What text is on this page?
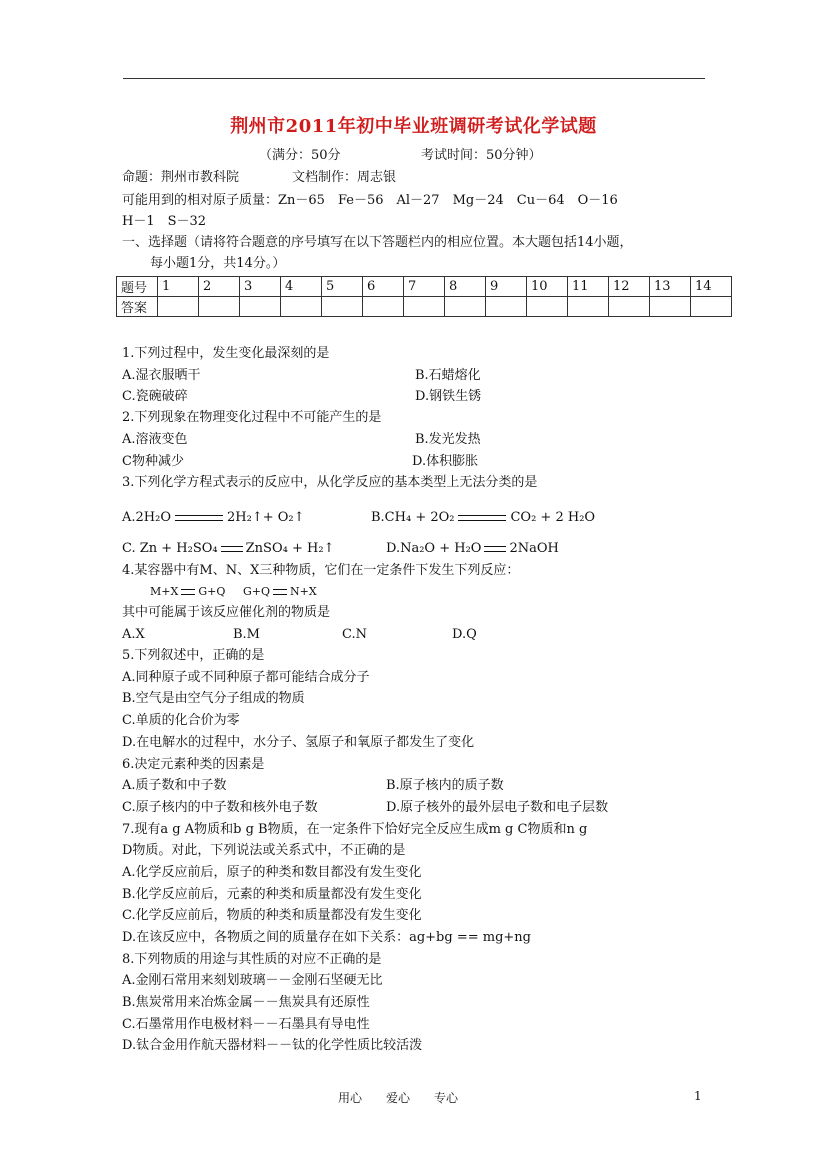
荆州市2011年初中毕业班调研考试化学试题
（满分：50分	考试时间：50分钟）
命题：荆州市教科院	文档制作：周志银
可能用到的相对原子质量：Zn－65　Fe－56　Al－27　Mg－24　Cu－64　O－16
H－1　S－32
一、选择题（请将符合题意的序号填写在以下答题栏内的相应位置。本大题包括14小题，
每小题1分，共14分。）
题号	1	2	3	4	5	6	7	8	9	10	11	12	13	14
答案														
1.下列过程中，发生变化最深刻的是
A.湿衣服晒干	B.石蜡熔化
C.瓷碗破碎	D.钢铁生锈
2.下列现象在物理变化过程中不可能产生的是
A.溶液变色	B.发光发热
C物种减少	D.体积膨胀
3.下列化学方程式表示的反应中，从化学反应的基本类型上无法分类的是
A.2H₂O	2H₂↑+ O₂↑	B.CH₄ + 2O₂	CO₂ + 2 H₂O
C. Zn + H₂SO₄ ZnSO₄ + H₂↑	D.Na₂O + H₂O 2NaOH
4.某容器中有M、N、X三种物质，它们在一定条件下发生下列反应：
M+X G+Q G+Q N+X
其中可能属于该反应催化剂的物质是
A.X	B.M	C.N	D.Q
5.下列叙述中，正确的是
A.同种原子或不同种原子都可能结合成分子
B.空气是由空气分子组成的物质
C.单质的化合价为零
D.在电解水的过程中，水分子、氢原子和氧原子都发生了变化
6.决定元素种类的因素是
A.质子数和中子数	B.原子核内的质子数
C.原子核内的中子数和核外电子数	D.原子核外的最外层电子数和电子层数
7.现有a g A物质和b g B物质，在一定条件下恰好完全反应生成m g C物质和n g
D物质。对此，下列说法或关系式中，不正确的是
A.化学反应前后，原子的种类和数目都没有发生变化
B.化学反应前后，元素的种类和质量都没有发生变化
C.化学反应前后，物质的种类和质量都没有发生变化
D.在该反应中，各物质之间的质量存在如下关系：ag+bg == mg+ng
8.下列物质的用途与其性质的对应不正确的是
A.金刚石常用来刻划玻璃－－金刚石坚硬无比
B.焦炭常用来冶炼金属－－焦炭具有还原性
C.石墨常用作电极材料－－石墨具有导电性
D.钛合金用作航天器材料－－钛的化学性质比较活泼
用心　　爱心　　专心	1
